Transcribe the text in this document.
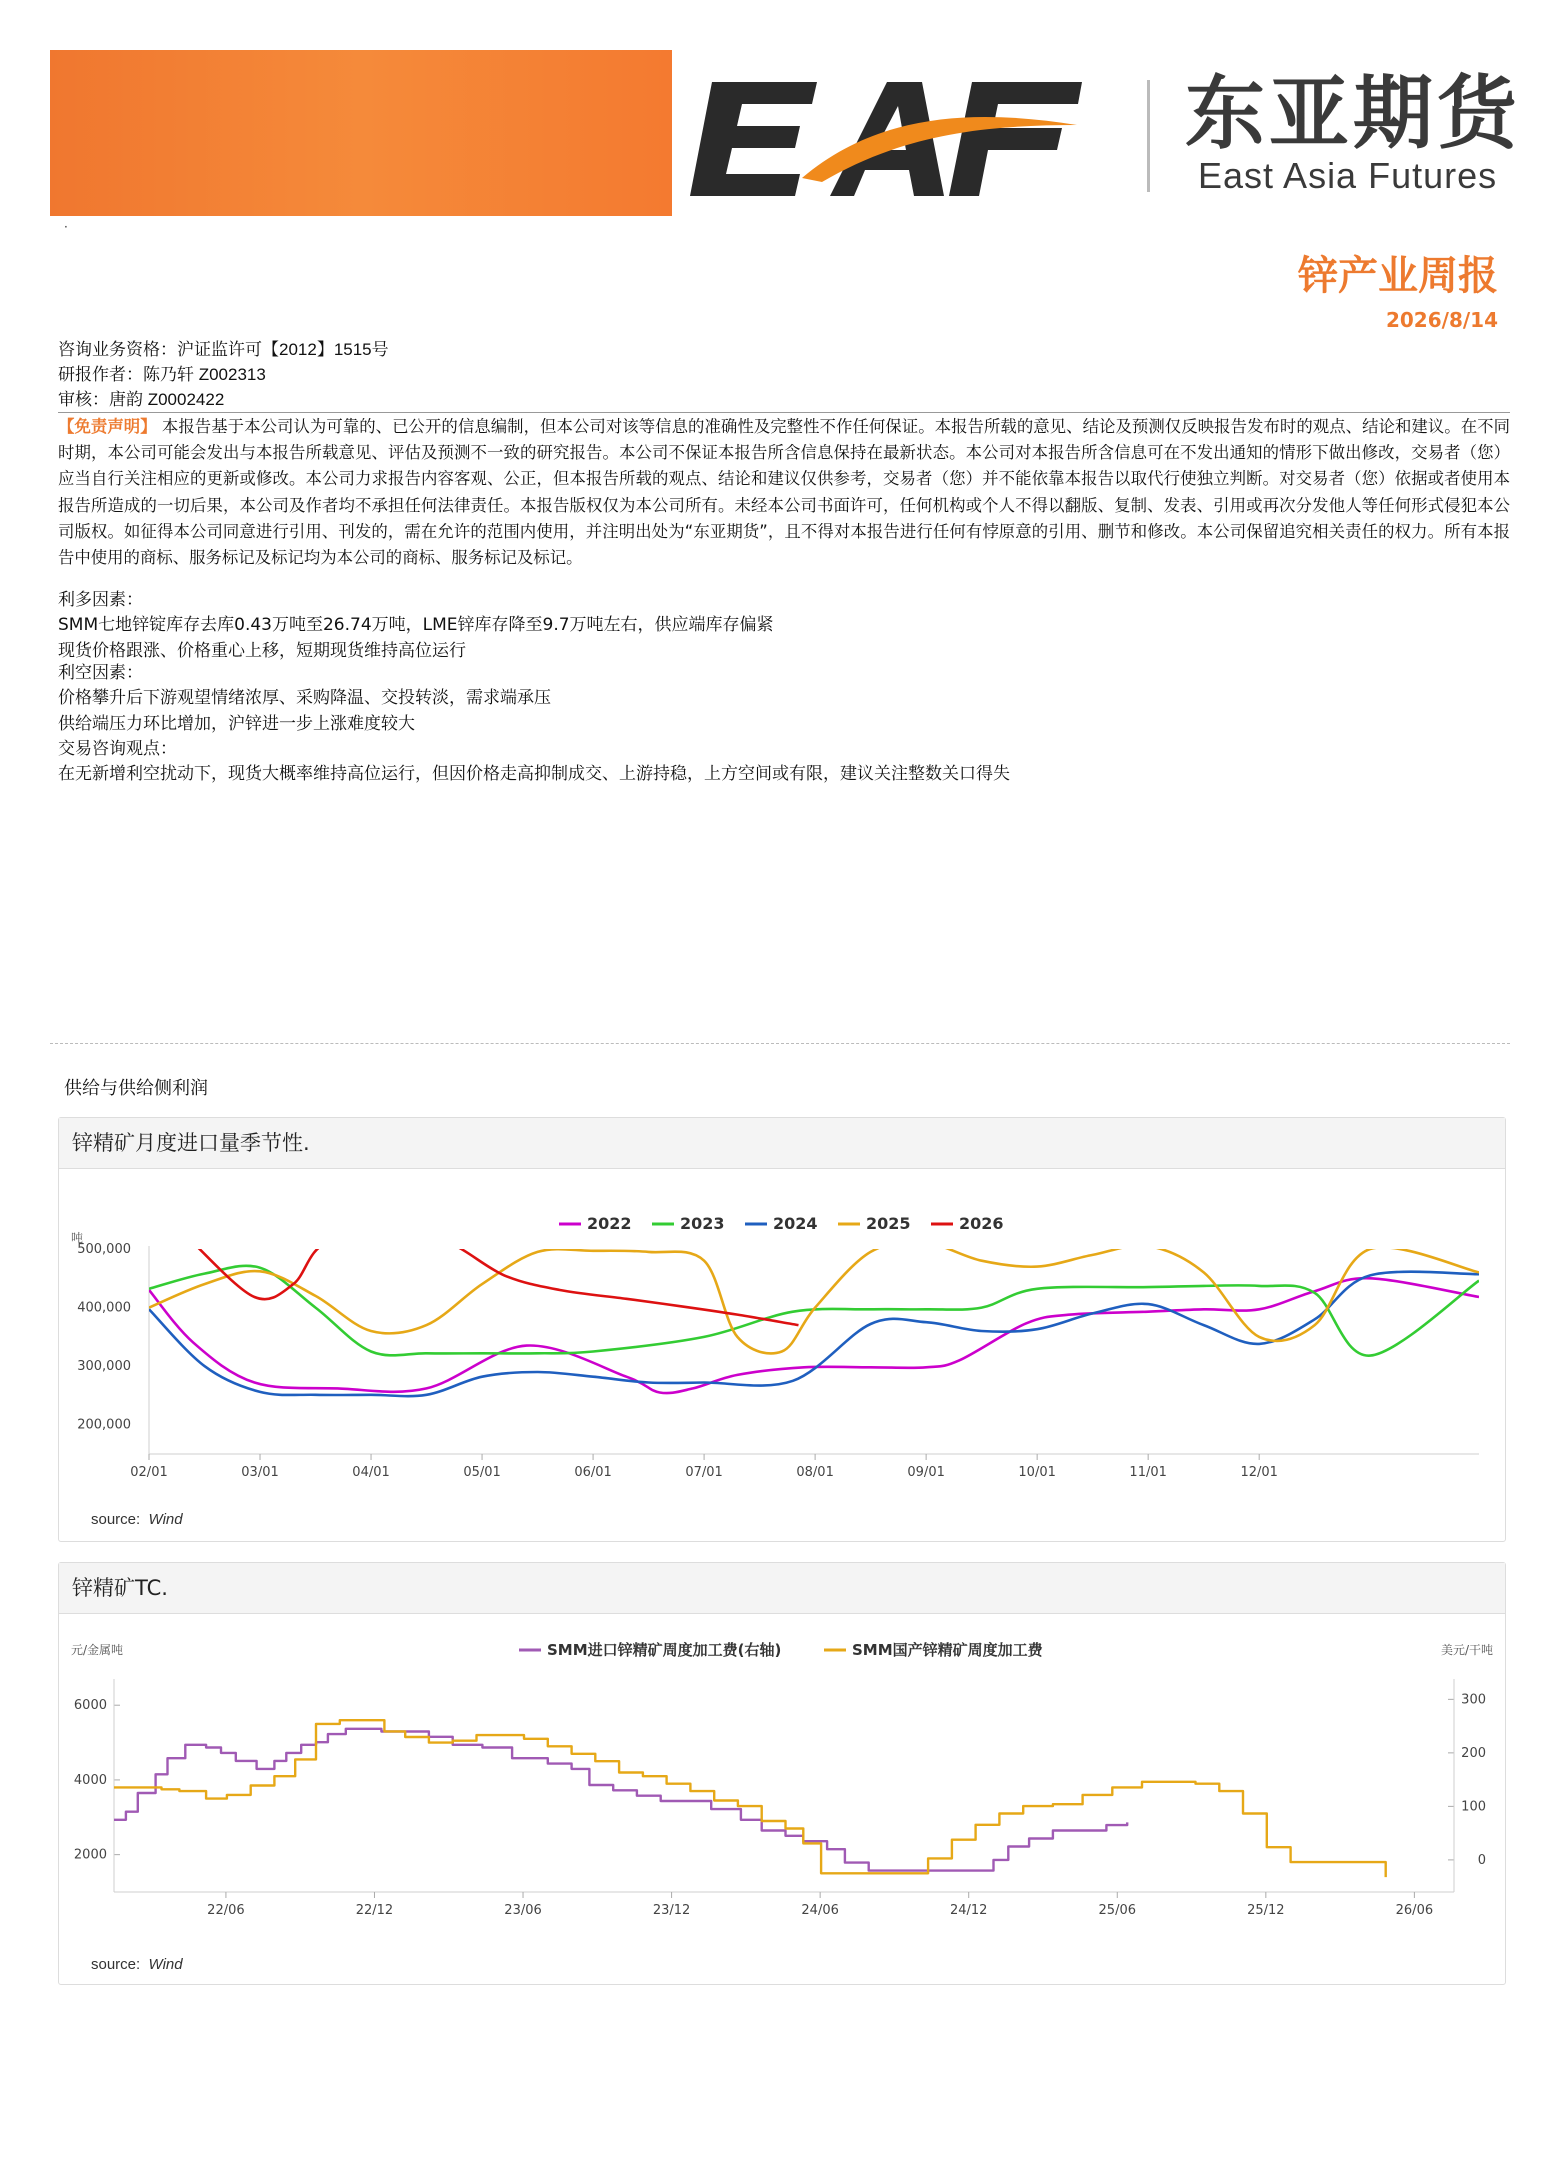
·
东亚期货
East Asia Futures
锌产业周报
2026/8/14
咨询业务资格：沪证监许可【2012】1515号
研报作者：陈乃轩 Z002313
审核：唐韵 Z0002422
【免责声明】 本报告基于本公司认为可靠的、已公开的信息编制，但本公司对该等信息的准确性及完整性不作任何保证。本报告所载的意见、结论及预测仅反映报告发布时的观点、结论和建议。在不同时期，本公司可能会发出与本报告所载意见、评估及预测不一致的研究报告。本公司不保证本报告所含信息保持在最新状态。本公司对本报告所含信息可在不发出通知的情形下做出修改，交易者（您）应当自行关注相应的更新或修改。本公司力求报告内容客观、公正，但本报告所载的观点、结论和建议仅供参考，交易者（您）并不能依靠本报告以取代行使独立判断。对交易者（您）依据或者使用本报告所造成的一切后果，本公司及作者均不承担任何法律责任。本报告版权仅为本公司所有。未经本公司书面许可，任何机构或个人不得以翻版、复制、发表、引用或再次分发他人等任何形式侵犯本公司版权。如征得本公司同意进行引用、刊发的，需在允许的范围内使用，并注明出处为“东亚期货”，且不得对本报告进行任何有悖原意的引用、删节和修改。本公司保留追究相关责任的权力。所有本报告中使用的商标、服务标记及标记均为本公司的商标、服务标记及标记。
利多因素：
SMM七地锌锭库存去库0.43万吨至26.74万吨，LME锌库存降至9.7万吨左右，供应端库存偏紧
现货价格跟涨、价格重心上移，短期现货维持高位运行
利空因素：
价格攀升后下游观望情绪浓厚、采购降温、交投转淡，需求端承压
供给端压力环比增加，沪锌进一步上涨难度较大
交易咨询观点：
在无新增利空扰动下，现货大概率维持高位运行，但因价格走高抑制成交、上游持稳，上方空间或有限，建议关注整数关口得失
供给与供给侧利润
锌精矿月度进口量季节性.
吨
200,000
300,000
400,000
500,000
02/01	03/01	04/01	05/01	06/01	07/01	08/01	09/01	10/01	11/01	12/01
2022	2023	2024	2025	2026
source: Wind
锌精矿TC.
元/金属吨	美元/干吨
2000
4000
6000
0
100
200
300
22/06	22/12	23/06	23/12	24/06	24/12	25/06	25/12	26/06
SMM进口锌精矿周度加工费(右轴)	SMM国产锌精矿周度加工费
source: Wind
